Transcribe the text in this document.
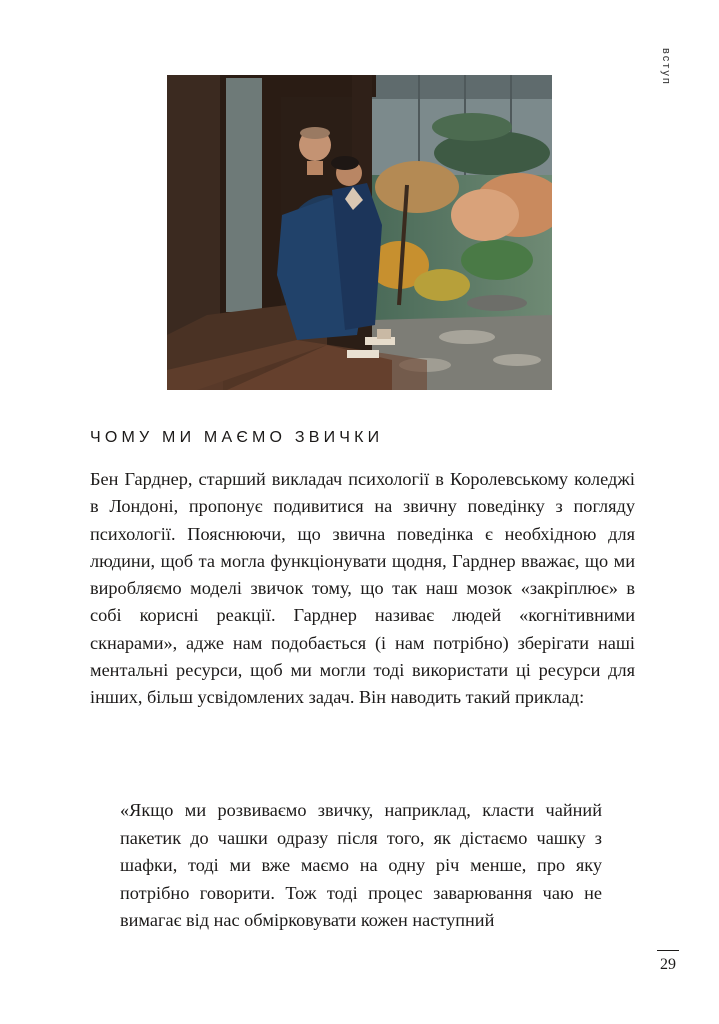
вступ
ЧОМУ МИ МАЄМО ЗВИЧКИ

Бен Гарднер, старший викладач психології в Королевському коледжі в Лондоні, пропонує подивитися на звичну поведінку з погляду психології. Пояснюючи, що звична поведінка є необхідною для людини, щоб та могла функціонувати щодня, Гарднер вважає, що ми виробляємо моделі звичок тому, що так наш мозок «закріплює» в собі корисні реакції. Гарднер називає людей «когнітивними скнарами», адже нам подобається (і нам потрібно) зберігати наші ментальні ресурси, щоб ми могли тоді використати ці ресурси для інших, більш усвідомлених задач. Він наводить такий приклад:

«Якщо ми розвиваємо звичку, наприклад, класти чайний пакетик до чашки одразу після того, як дістаємо чашку з шафки, тоді ми вже маємо на одну річ менше, про яку потрібно говорити. Тож тоді процес заварювання чаю не вимагає від нас обмірковувати кожен наступний

29
